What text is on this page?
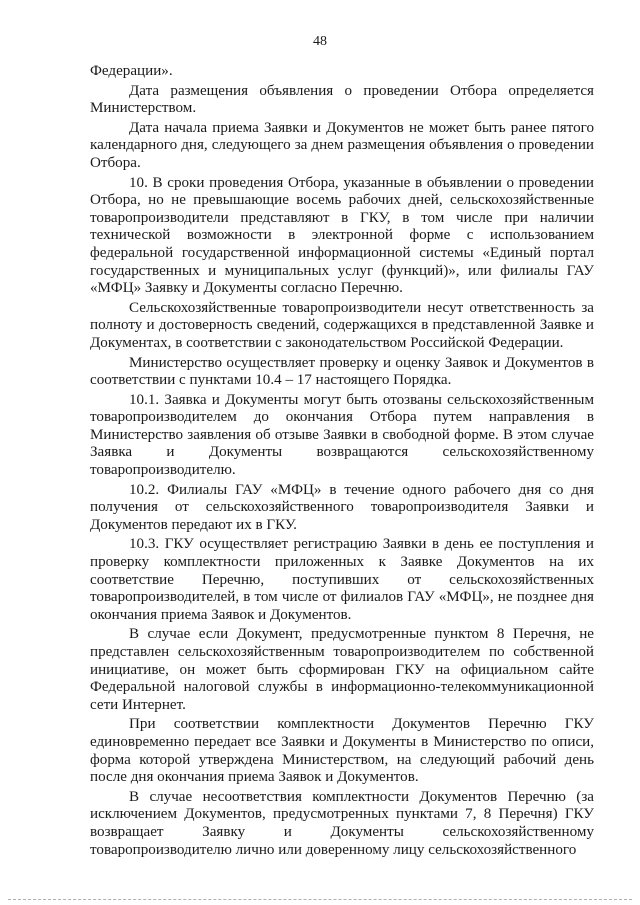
48

Федерации».

Дата размещения объявления о проведении Отбора определяется Министерством.

Дата начала приема Заявки и Документов не может быть ранее пятого календарного дня, следующего за днем размещения объявления о проведении Отбора.

10. В сроки проведения Отбора, указанные в объявлении о проведении Отбора, но не превышающие восемь рабочих дней, сельскохозяйственные товаропроизводители представляют в ГКУ, в том числе при наличии технической возможности в электронной форме с использованием федеральной государственной информационной системы «Единый портал государственных и муниципальных услуг (функций)», или филиалы ГАУ «МФЦ» Заявку и Документы согласно Перечню.

Сельскохозяйственные товаропроизводители несут ответственность за полноту и достоверность сведений, содержащихся в представленной Заявке и Документах, в соответствии с законодательством Российской Федерации.

Министерство осуществляет проверку и оценку Заявок и Документов в соответствии с пунктами 10.4 – 17 настоящего Порядка.

10.1. Заявка и Документы могут быть отозваны сельскохозяйственным товаропроизводителем до окончания Отбора путем направления в Министерство заявления об отзыве Заявки в свободной форме. В этом случае Заявка и Документы возвращаются сельскохозяйственному товаропроизводителю.

10.2. Филиалы ГАУ «МФЦ» в течение одного рабочего дня со дня получения от сельскохозяйственного товаропроизводителя Заявки и Документов передают их в ГКУ.

10.3. ГКУ осуществляет регистрацию Заявки в день ее поступления и проверку комплектности приложенных к Заявке Документов на их соответствие Перечню, поступивших от сельскохозяйственных товаропроизводителей, в том числе от филиалов ГАУ «МФЦ», не позднее дня окончания приема Заявок и Документов.

В случае если Документ, предусмотренные пунктом 8 Перечня, не представлен сельскохозяйственным товаропроизводителем по собственной инициативе, он может быть сформирован ГКУ на официальном сайте Федеральной налоговой службы в информационно-телекоммуникационной сети Интернет.

При соответствии комплектности Документов Перечню ГКУ единовременно передает все Заявки и Документы в Министерство по описи, форма которой утверждена Министерством, на следующий рабочий день после дня окончания приема Заявок и Документов.

В случае несоответствия комплектности Документов Перечню (за исключением Документов, предусмотренных пунктами 7, 8 Перечня) ГКУ возвращает Заявку и Документы сельскохозяйственному товаропроизводителю лично или доверенному лицу сельскохозяйственного
